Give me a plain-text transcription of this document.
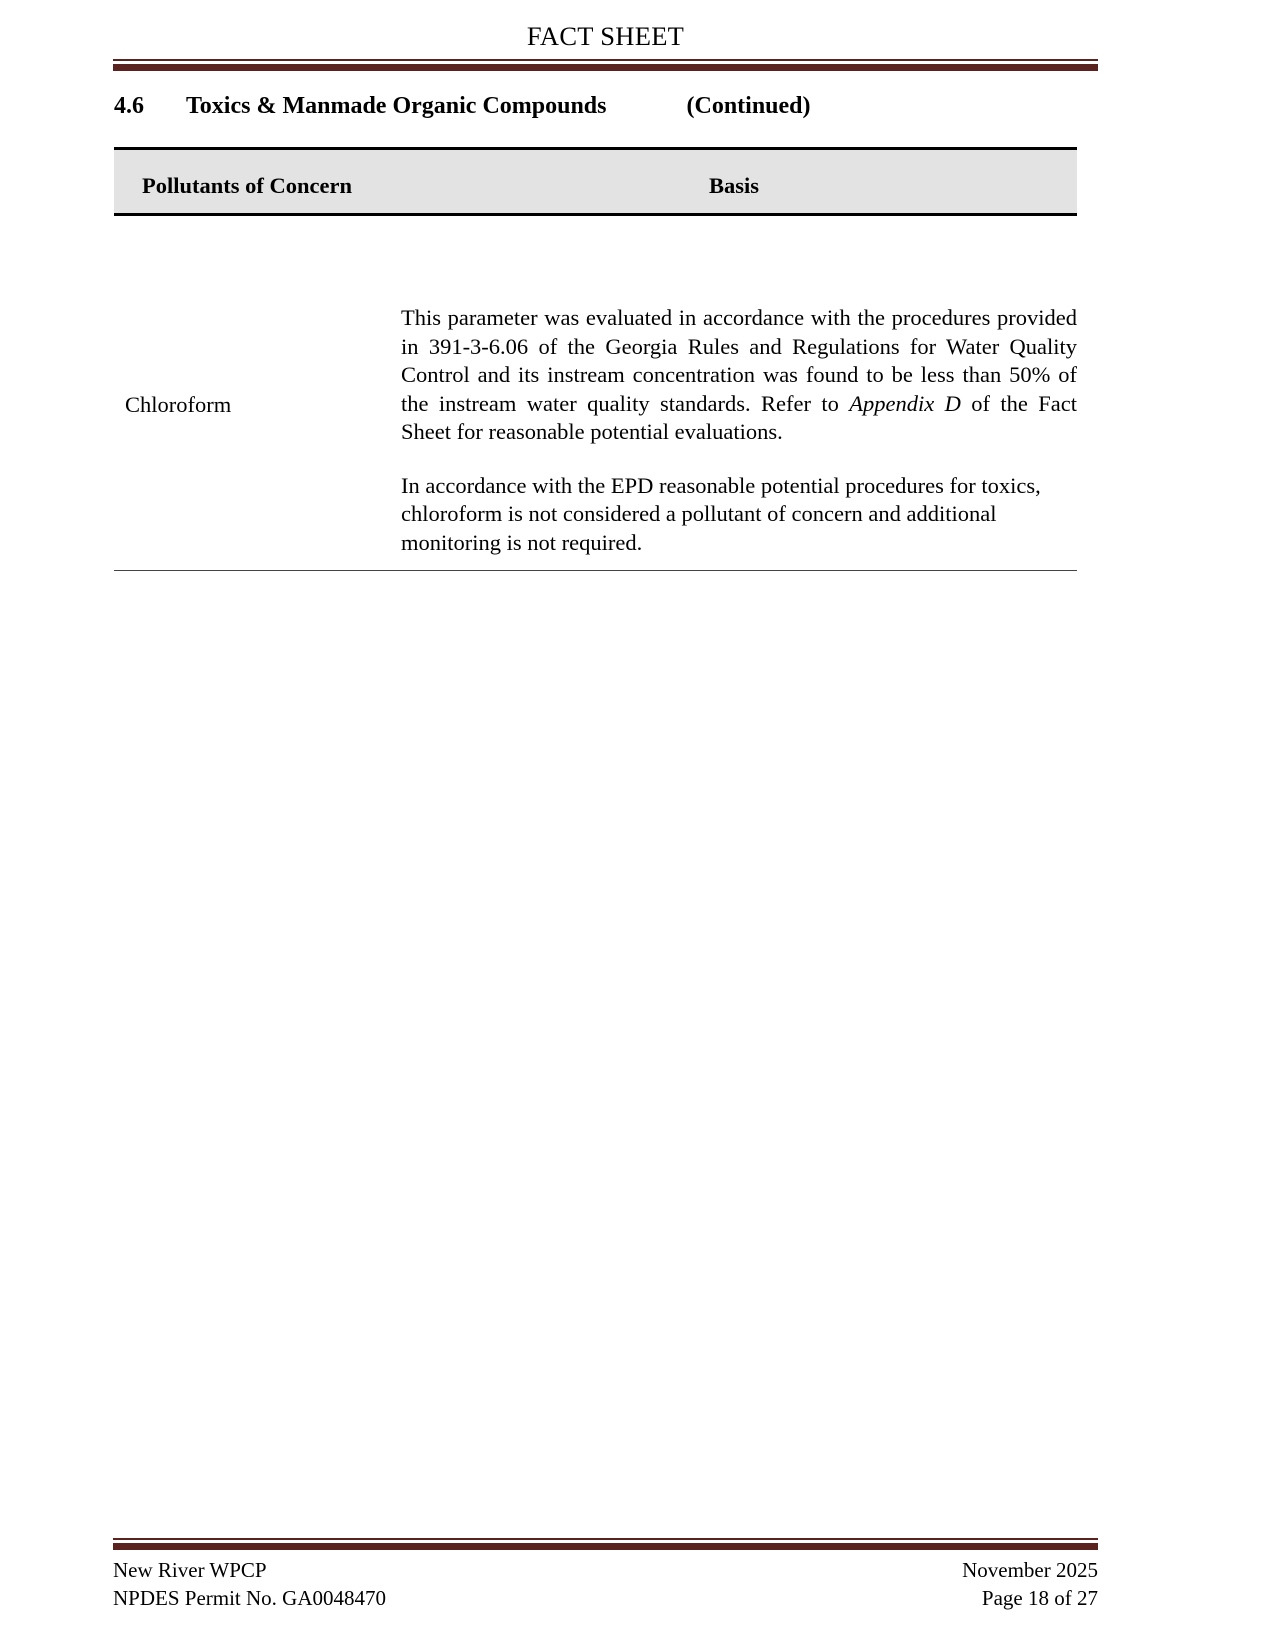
FACT SHEET
4.6 Toxics & Manmade Organic Compounds	(Continued)
Pollutants of Concern	Basis
Chloroform

This parameter was evaluated in accordance with the procedures provided in 391-3-6.06 of the Georgia Rules and Regulations for Water Quality Control and its instream concentration was found to be less than 50% of the instream water quality standards. Refer to Appendix D of the Fact Sheet for reasonable potential evaluations.

In accordance with the EPD reasonable potential procedures for toxics, chloroform is not considered a pollutant of concern and additional monitoring is not required.

New River WPCP
NPDES Permit No. GA0048470
November 2025
Page 18 of 27
